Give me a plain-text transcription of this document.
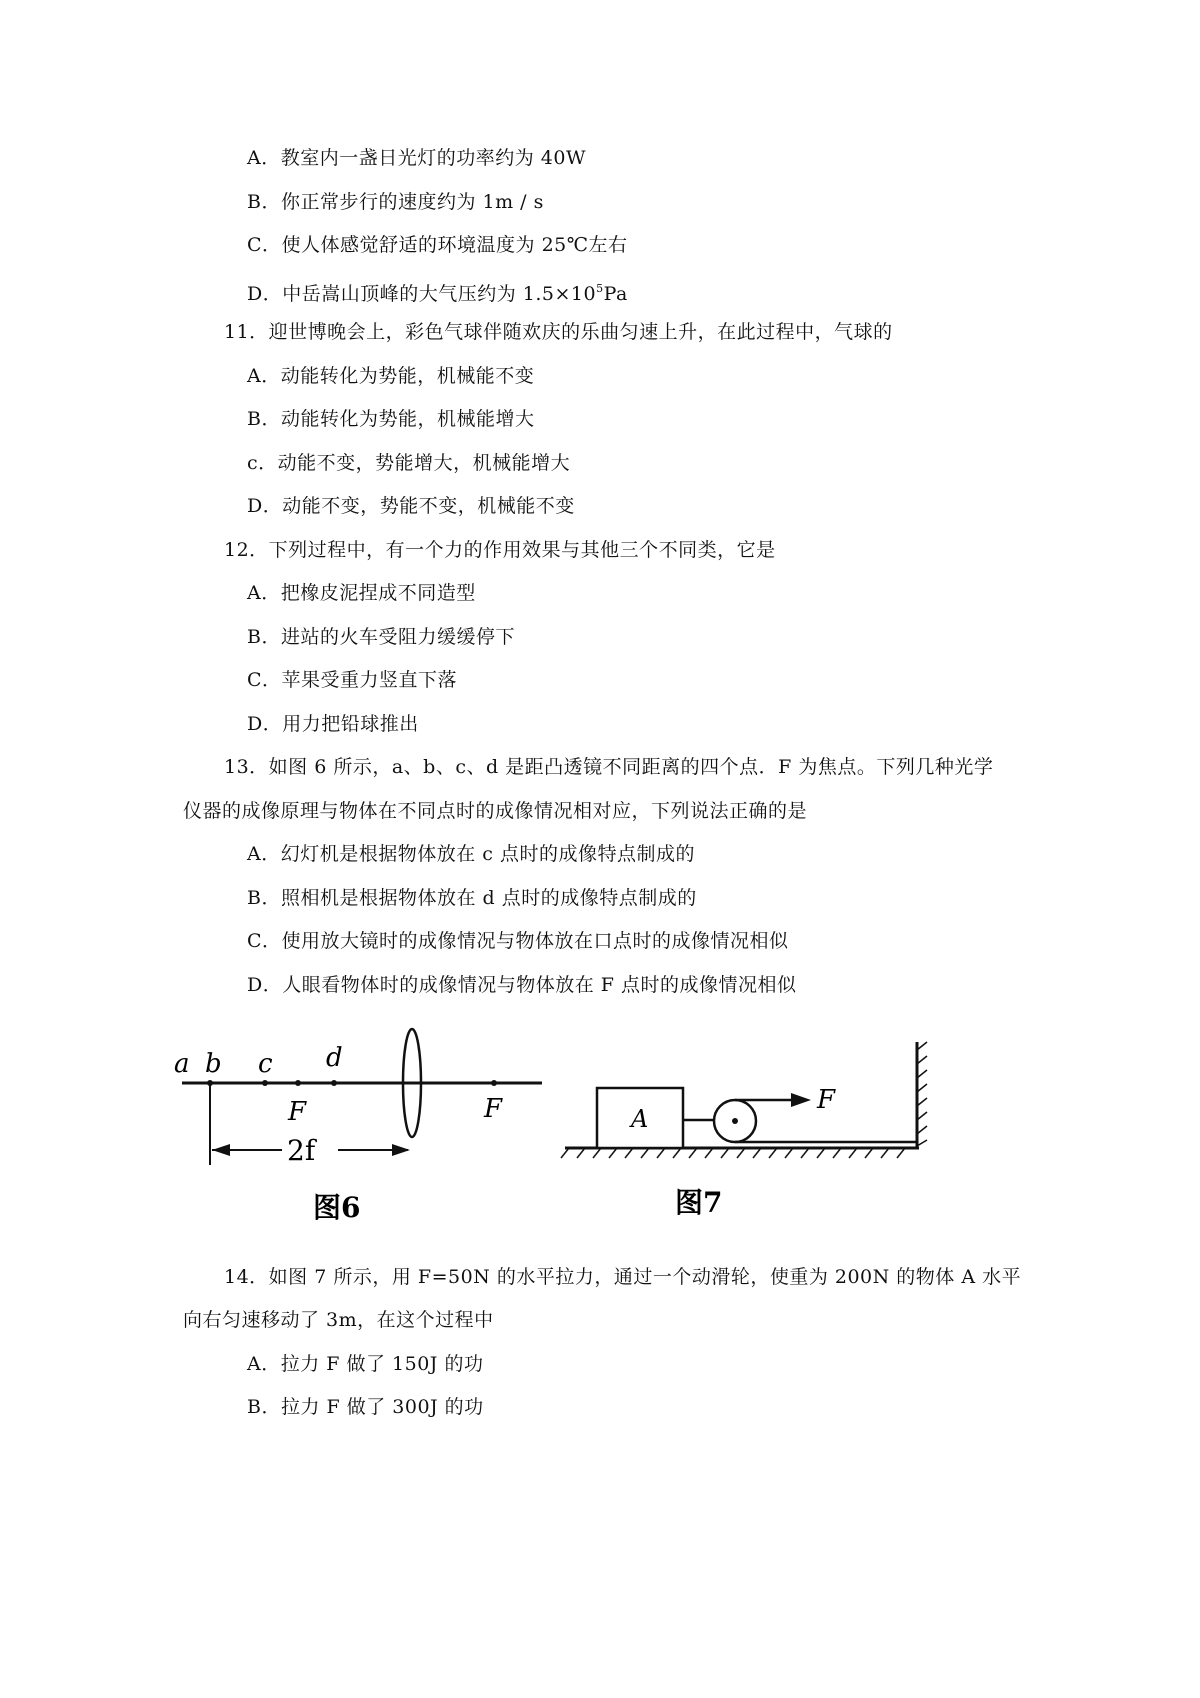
A．教室内一盏日光灯的功率约为 40W
B．你正常步行的速度约为 1m / s
C．使人体感觉舒适的环境温度为 25℃左右
D．中岳嵩山顶峰的大气压约为 $1.5\times 10^5Pa$
11．迎世博晚会上，彩色气球伴随欢庆的乐曲匀速上升，在此过程中，气球的
A．动能转化为势能，机械能不变
B．动能转化为势能，机械能增大
c．动能不变，势能增大，机械能增大
D．动能不变，势能不变，机械能不变
12．下列过程中，有一个力的作用效果与其他三个不同类，它是
A．把橡皮泥捏成不同造型
B．进站的火车受阻力缓缓停下
C．苹果受重力竖直下落
D．用力把铅球推出
13．如图 6 所示，a、b、c、d 是距凸透镜不同距离的四个点．F 为焦点。下列几种光学
仪器的成像原理与物体在不同点时的成像情况相对应，下列说法正确的是
A．幻灯机是根据物体放在 c 点时的成像特点制成的
B．照相机是根据物体放在 d 点时的成像特点制成的
C．使用放大镜时的成像情况与物体放在口点时的成像情况相似
D．人眼看物体时的成像情况与物体放在 F 点时的成像情况相似
a b c d
F	F
2f
图6
A
F
图7
14．如图 7 所示，用 F=50N 的水平拉力，通过一个动滑轮，使重为 200N 的物体 A 水平
向右匀速移动了 3m，在这个过程中
A．拉力 F 做了 150J 的功
B．拉力 F 做了 300J 的功
